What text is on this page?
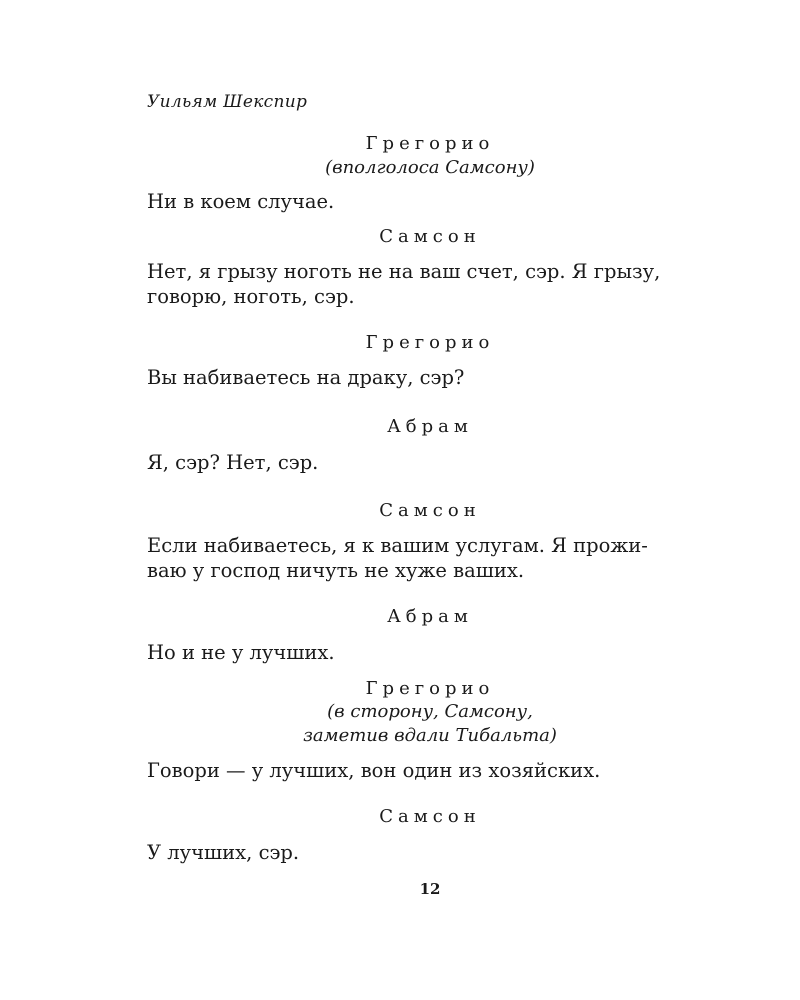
Уильям Шекспир
Грегорио
(вполголоса Самсону)
Ни в коем случае.
Самсон
Нет, я грызу ноготь не на ваш счет, сэр. Я грызу,
говорю, ноготь, сэр.
Грегорио
Вы набиваетесь на драку, сэр?
Абрам
Я, сэр? Нет, сэр.
Самсон
Если набиваетесь, я к вашим услугам. Я прожи-
ваю у господ ничуть не хуже ваших.
Абрам
Но и не у лучших.
Грегорио
(в сторону, Самсону,
заметив вдали Тибальта)
Говори — у лучших, вон один из хозяйских.
Самсон
У лучших, сэр.
12
